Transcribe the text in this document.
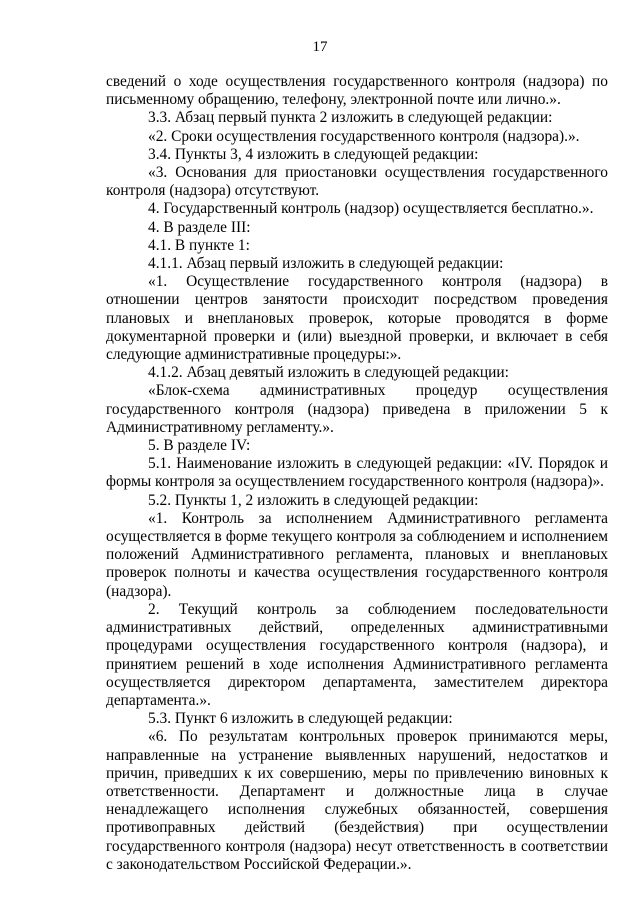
17

сведений о ходе осуществления государственного контроля (надзора) по письменному обращению, телефону, электронной почте или лично.».

3.3. Абзац первый пункта 2 изложить в следующей редакции:

«2. Сроки осуществления государственного контроля (надзора).».

3.4. Пункты 3, 4 изложить в следующей редакции:

«3. Основания для приостановки осуществления государственного контроля (надзора) отсутствуют.

4. Государственный контроль (надзор) осуществляется бесплатно.».

4. В разделе III:

4.1. В пункте 1:

4.1.1. Абзац первый изложить в следующей редакции:

«1. Осуществление государственного контроля (надзора) в отношении центров занятости происходит посредством проведения плановых и внеплановых проверок, которые проводятся в форме документарной проверки и (или) выездной проверки, и включает в себя следующие административные процедуры:».

4.1.2. Абзац девятый изложить в следующей редакции:

«Блок-схема административных процедур осуществления государственного контроля (надзора) приведена в приложении 5 к Административному регламенту.».

5. В разделе IV:

5.1. Наименование изложить в следующей редакции: «IV. Порядок и формы контроля за осуществлением государственного контроля (надзора)».

5.2. Пункты 1, 2 изложить в следующей редакции:

«1. Контроль за исполнением Административного регламента осуществляется в форме текущего контроля за соблюдением и исполнением положений Административного регламента, плановых и внеплановых проверок полноты и качества осуществления государственного контроля (надзора).

2. Текущий контроль за соблюдением последовательности административных действий, определенных административными процедурами осуществления государственного контроля (надзора), и принятием решений в ходе исполнения Административного регламента осуществляется директором департамента, заместителем директора департамента.».

5.3. Пункт 6 изложить в следующей редакции:

«6. По результатам контрольных проверок принимаются меры, направленные на устранение выявленных нарушений, недостатков и причин, приведших к их совершению, меры по привлечению виновных к ответственности. Департамент и должностные лица в случае ненадлежащего исполнения служебных обязанностей, совершения противоправных действий (бездействия) при осуществлении государственного контроля (надзора) несут ответственность в соответствии с законодательством Российской Федерации.».
